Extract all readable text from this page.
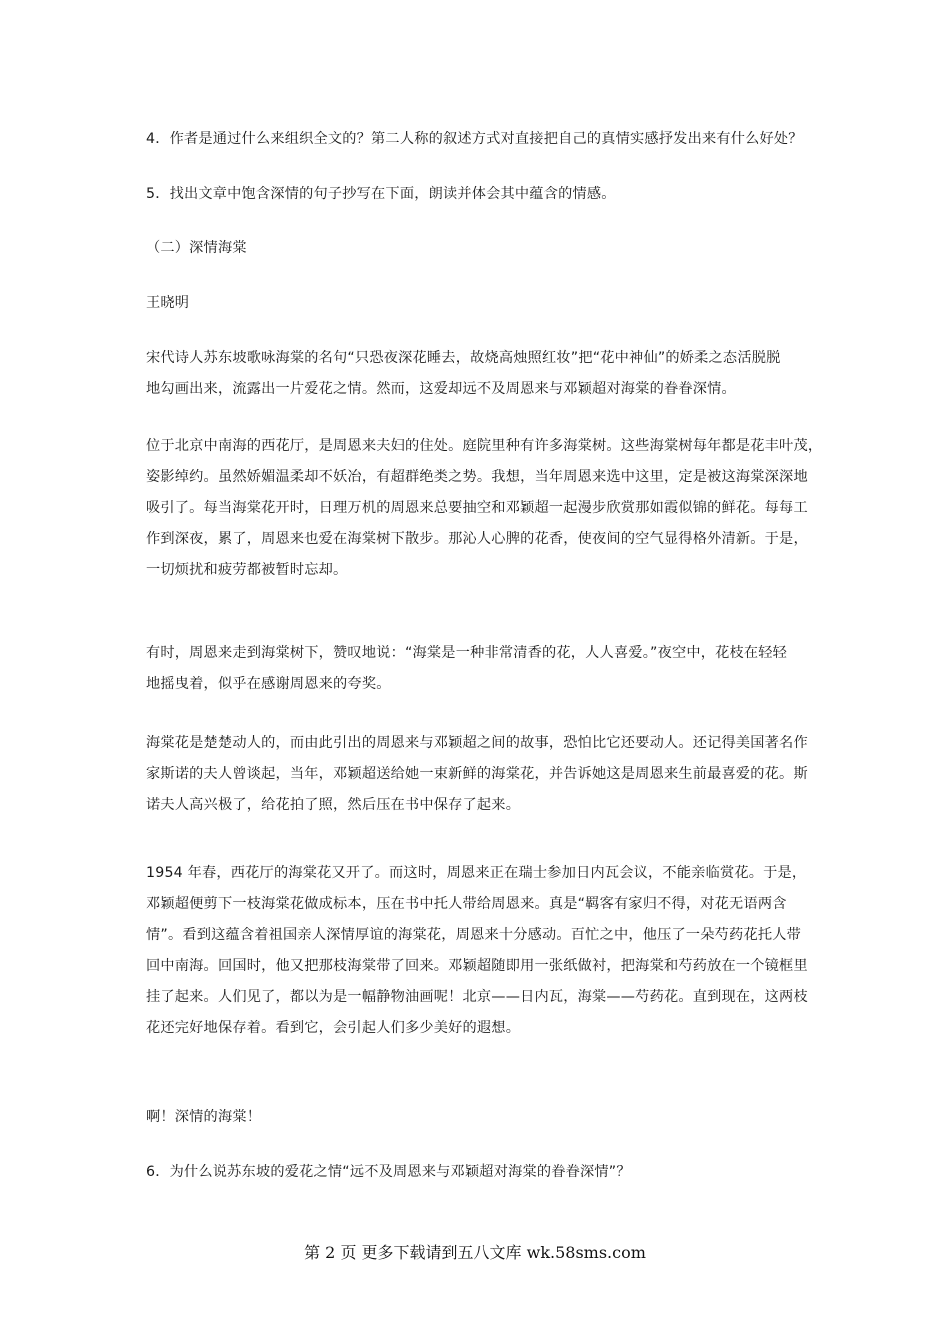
4．作者是通过什么来组织全文的？第二人称的叙述方式对直接把自己的真情实感抒发出来有什么好处？

5．找出文章中饱含深情的句子抄写在下面，朗读并体会其中蕴含的情感。

（二）深情海棠

王晓明

宋代诗人苏东坡歌咏海棠的名句“只恐夜深花睡去，故烧高烛照红妆”把“花中神仙”的娇柔之态活脱脱
地勾画出来，流露出一片爱花之情。然而，这爱却远不及周恩来与邓颖超对海棠的眷眷深情。

位于北京中南海的西花厅，是周恩来夫妇的住处。庭院里种有许多海棠树。这些海棠树每年都是花丰叶茂，
姿影绰约。虽然娇媚温柔却不妖冶，有超群绝类之势。我想，当年周恩来选中这里，定是被这海棠深深地
吸引了。每当海棠花开时，日理万机的周恩来总要抽空和邓颖超一起漫步欣赏那如霞似锦的鲜花。每每工
作到深夜，累了，周恩来也爱在海棠树下散步。那沁人心脾的花香，使夜间的空气显得格外清新。于是，
一切烦扰和疲劳都被暂时忘却。

有时，周恩来走到海棠树下，赞叹地说：“海棠是一种非常清香的花，人人喜爱。”夜空中，花枝在轻轻
地摇曳着，似乎在感谢周恩来的夸奖。

海棠花是楚楚动人的，而由此引出的周恩来与邓颖超之间的故事，恐怕比它还要动人。还记得美国著名作
家斯诺的夫人曾谈起，当年，邓颖超送给她一束新鲜的海棠花，并告诉她这是周恩来生前最喜爱的花。斯
诺夫人高兴极了，给花拍了照，然后压在书中保存了起来。

1954 年春，西花厅的海棠花又开了。而这时，周恩来正在瑞士参加日内瓦会议，不能亲临赏花。于是，
邓颖超便剪下一枝海棠花做成标本，压在书中托人带给周恩来。真是“羁客有家归不得，对花无语两含
情”。看到这蕴含着祖国亲人深情厚谊的海棠花，周恩来十分感动。百忙之中，他压了一朵芍药花托人带
回中南海。回国时，他又把那枝海棠带了回来。邓颖超随即用一张纸做衬，把海棠和芍药放在一个镜框里
挂了起来。人们见了，都以为是一幅静物油画呢！北京——日内瓦，海棠——芍药花。直到现在，这两枝
花还完好地保存着。看到它，会引起人们多少美好的遐想。

啊！深情的海棠！

6．为什么说苏东坡的爱花之情“远不及周恩来与邓颖超对海棠的眷眷深情”？

第 2 页 更多下载请到五八文库 wk.58sms.com
